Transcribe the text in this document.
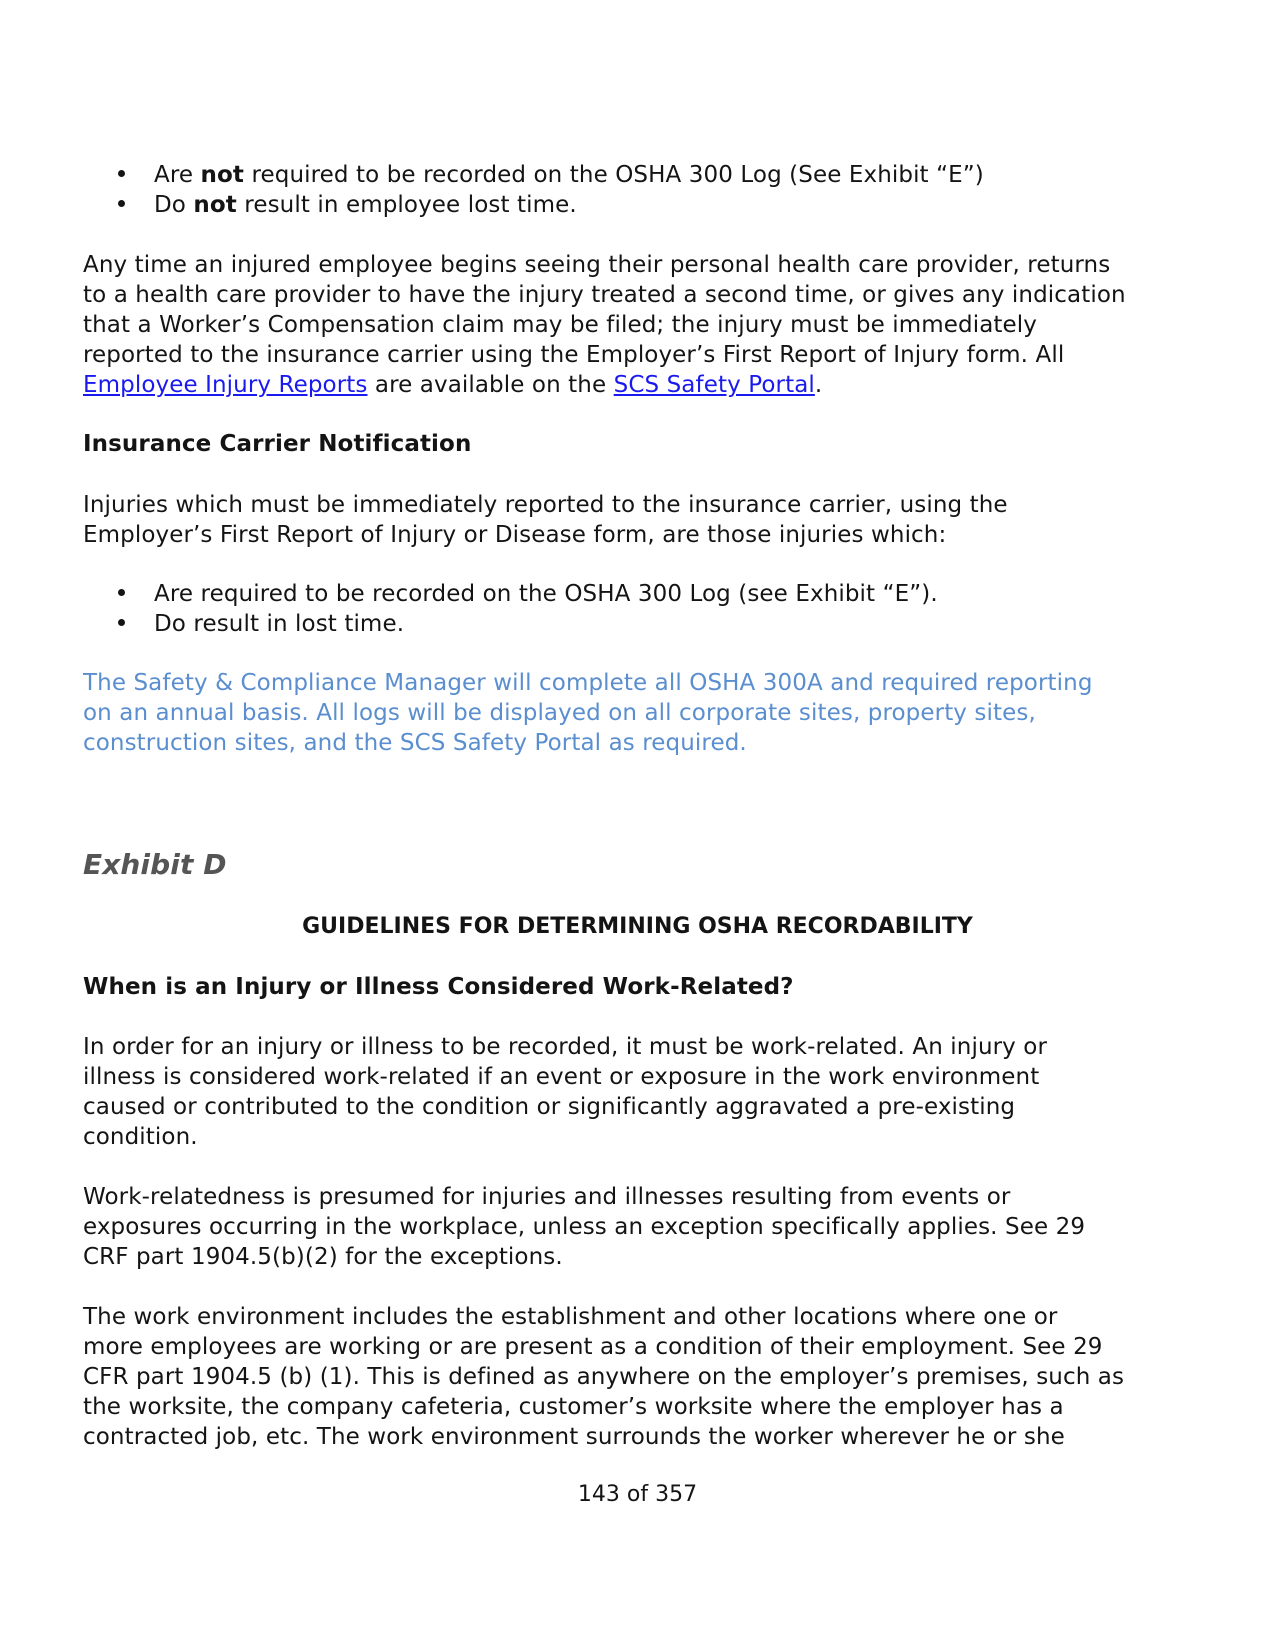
Are not required to be recorded on the OSHA 300 Log (See Exhibit “E”)
Do not result in employee lost time.
Any time an injured employee begins seeing their personal health care provider, returns
to a health care provider to have the injury treated a second time, or gives any indication
that a Worker’s Compensation claim may be filed; the injury must be immediately
reported to the insurance carrier using the Employer’s First Report of Injury form. All
Employee Injury Reports are available on the SCS Safety Portal.
Insurance Carrier Notification
Injuries which must be immediately reported to the insurance carrier, using the
Employer’s First Report of Injury or Disease form, are those injuries which:
Are required to be recorded on the OSHA 300 Log (see Exhibit “E”).
Do result in lost time.
The Safety & Compliance Manager will complete all OSHA 300A and required reporting
on an annual basis. All logs will be displayed on all corporate sites, property sites,
construction sites, and the SCS Safety Portal as required.
Exhibit D
GUIDELINES FOR DETERMINING OSHA RECORDABILITY
When is an Injury or Illness Considered Work-Related?
In order for an injury or illness to be recorded, it must be work-related. An injury or
illness is considered work-related if an event or exposure in the work environment
caused or contributed to the condition or significantly aggravated a pre-existing
condition.
Work-relatedness is presumed for injuries and illnesses resulting from events or
exposures occurring in the workplace, unless an exception specifically applies. See 29
CRF part 1904.5(b)(2) for the exceptions.
The work environment includes the establishment and other locations where one or
more employees are working or are present as a condition of their employment. See 29
CFR part 1904.5 (b) (1). This is defined as anywhere on the employer’s premises, such as
the worksite, the company cafeteria, customer’s worksite where the employer has a
contracted job, etc. The work environment surrounds the worker wherever he or she
143 of 357
